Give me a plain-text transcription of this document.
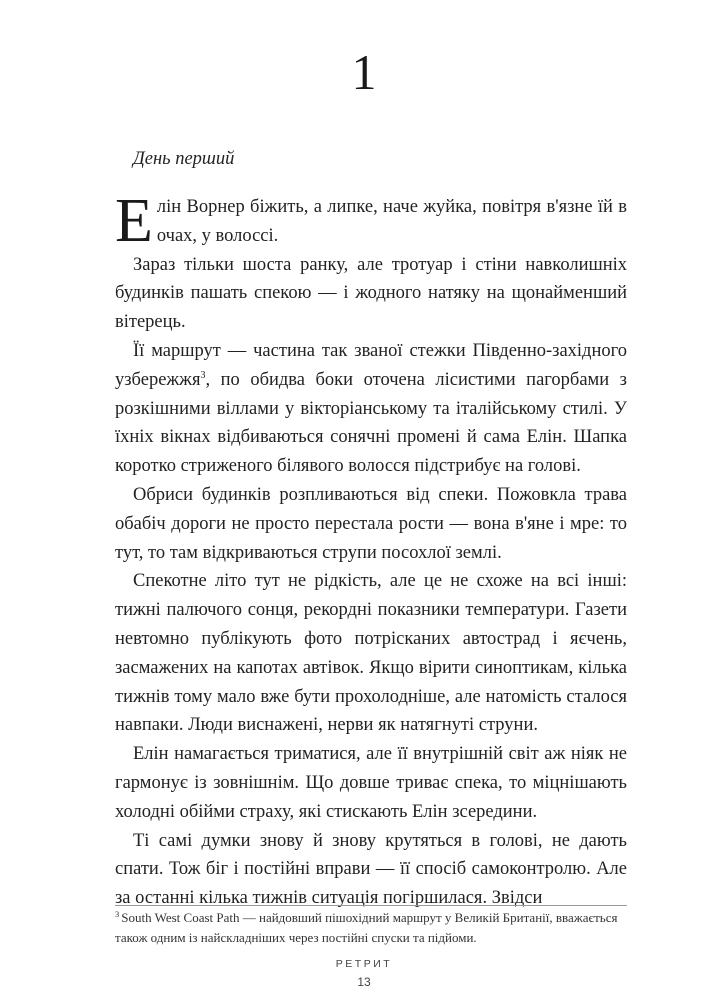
1
День перший

Елін Ворнер біжить, а липке, наче жуйка, повітря в'язне їй в очах, у волоссі.

Зараз тільки шоста ранку, але тротуар і стіни навколишніх будинків пашать спекою — і жодного натяку на щонайменший вітерець.

Її маршрут — частина так званої стежки Південно-західного узбережжя$^3$, по обидва боки оточена лісистими пагорбами з розкішними віллами у вікторіанському та італійському стилі. У їхніх вікнах відбиваються сонячні промені й сама Елін. Шапка коротко стриженого білявого волосся підстрибує на голові.

Обриси будинків розпливаються від спеки. Пожовкла трава обабіч дороги не просто перестала рости — вона в'яне і мре: то тут, то там відкриваються струпи посохлої землі.

Спекотне літо тут не рідкість, але це не схоже на всі інші: тижні палючого сонця, рекордні показники температури. Газети невтомно публікують фото потрісканих автострад і яєчень, засмажених на капотах автівок. Якщо вірити синоптикам, кілька тижнів тому мало вже бути прохолодніше, але натомість сталося навпаки. Люди виснажені, нерви як натягнуті струни.

Елін намагається триматися, але її внутрішній світ аж ніяк не гармонує із зовнішнім. Що довше триває спека, то міцнішають холодні обійми страху, які стискають Елін зсередини.

Ті самі думки знову й знову крутяться в голові, не дають спати. Тож біг і постійні вправи — її спосіб самоконтролю. Але за останні кілька тижнів ситуація погіршилася. Звідси

$^3$ South West Coast Path — найдовший пішохідний маршрут у Великій Британії, вважається також одним із найскладніших через постійні спуски та підйоми.
РЕТРИТ
13
